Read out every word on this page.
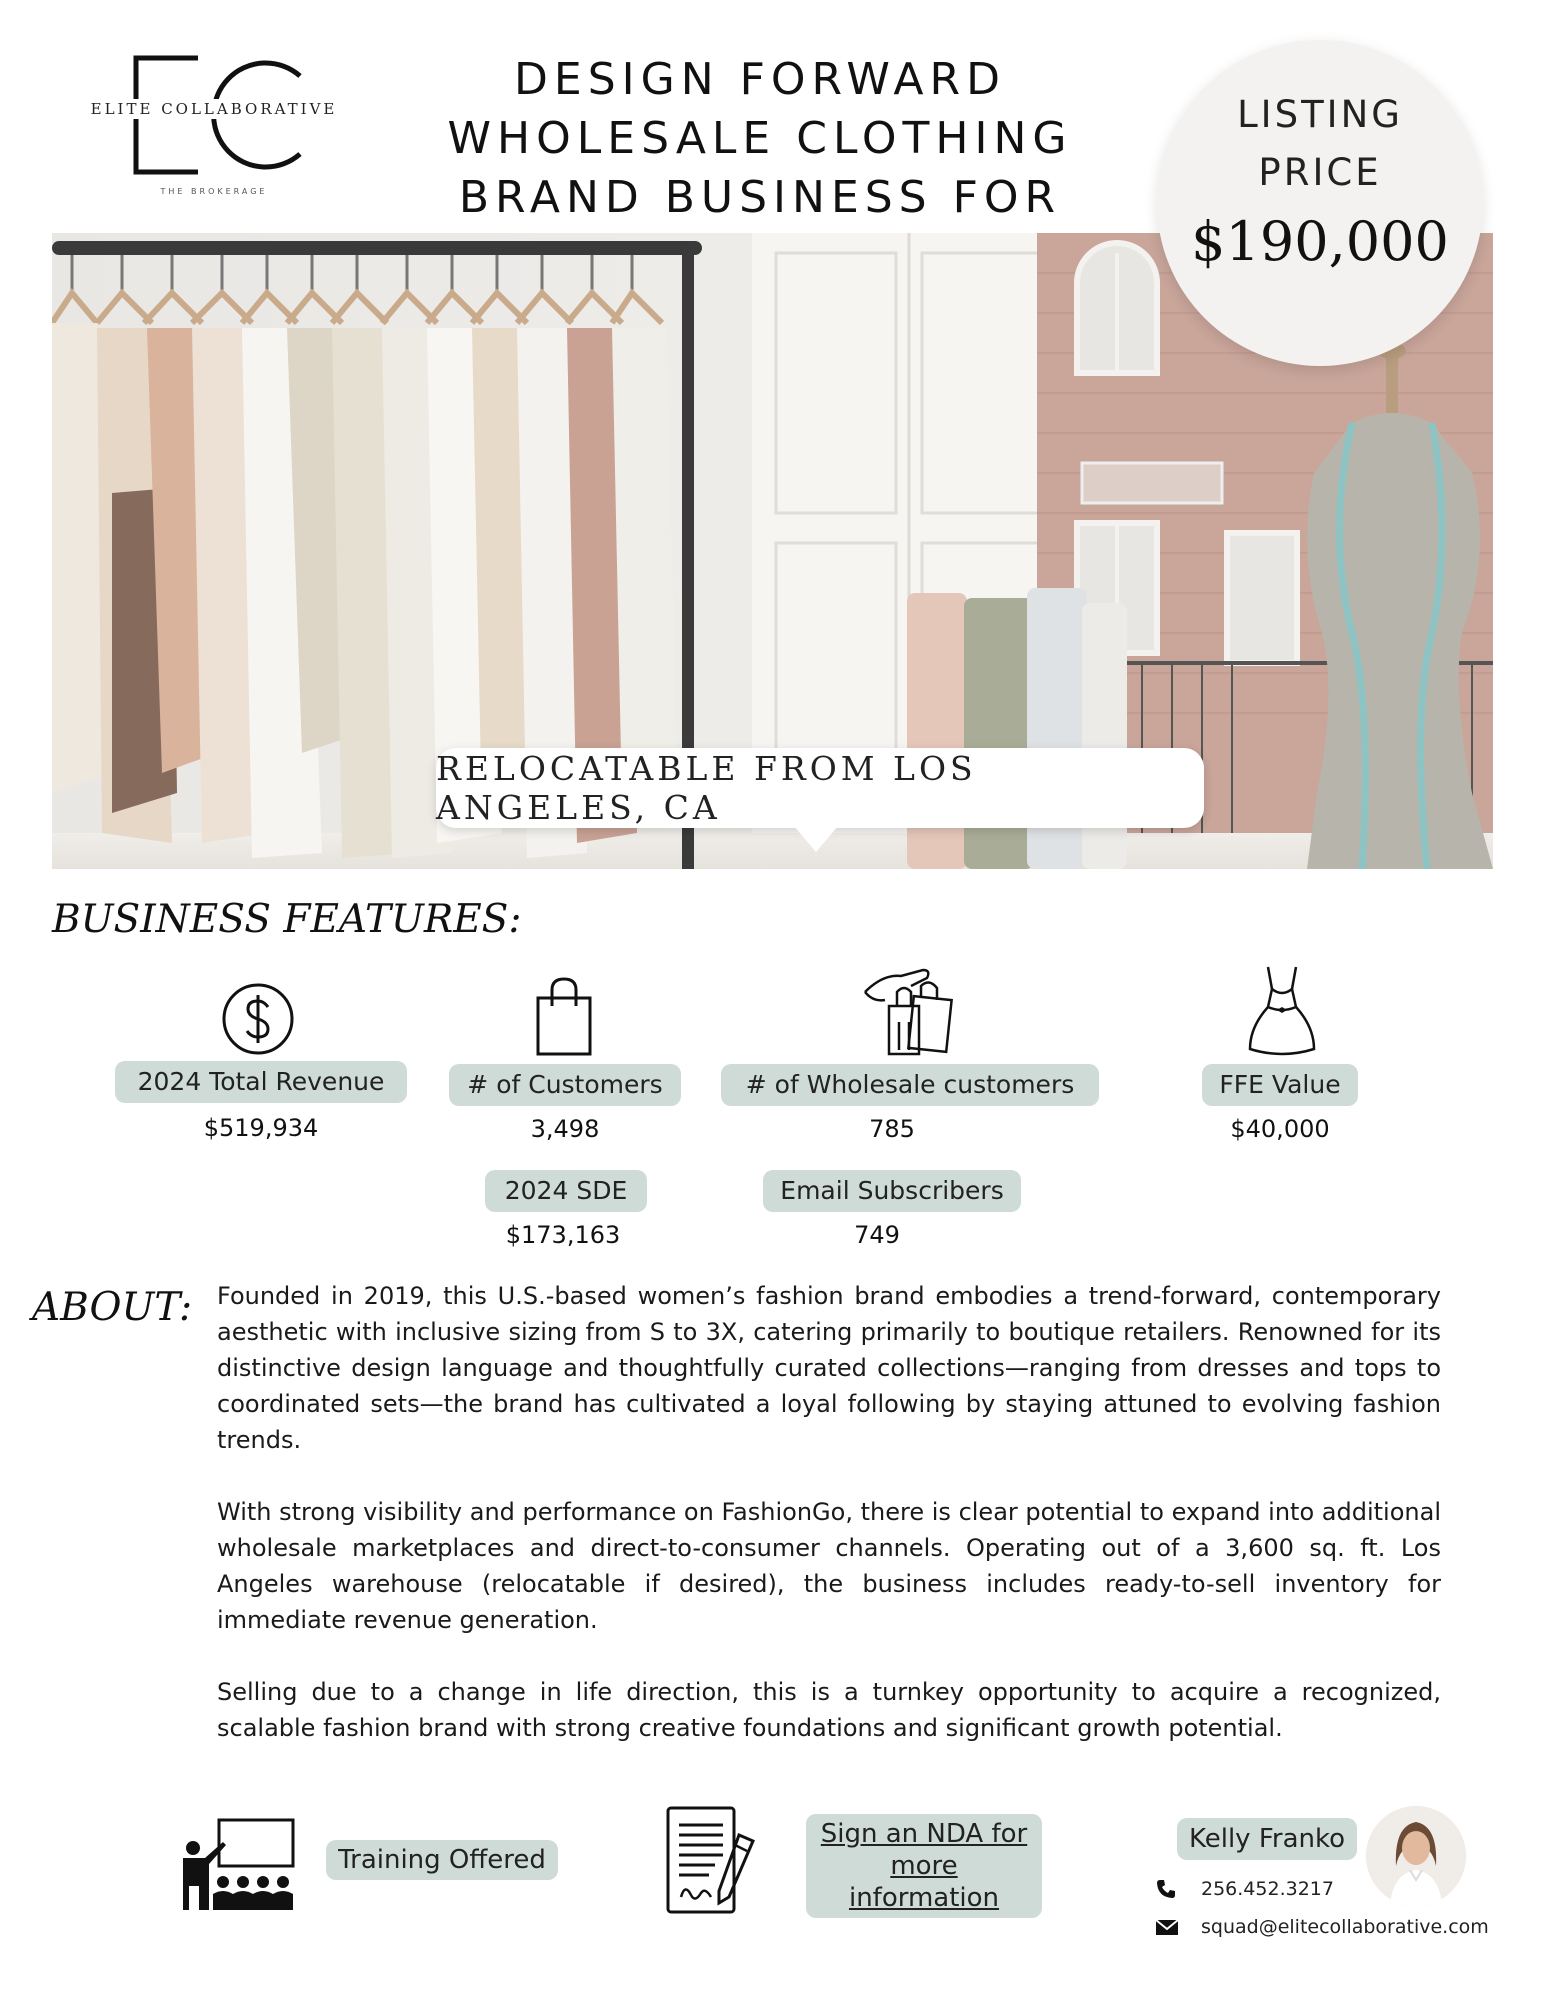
ELITE COLLABORATIVE
THE BROKERAGE
DESIGN FORWARD
WHOLESALE CLOTHING
BRAND BUSINESS FOR
RELOCATABLE FROM LOS ANGELES, CA
LISTING
PRICE
$190,000
BUSINESS FEATURES:
2024 Total Revenue
$519,934
# of Customers
3,498
# of Wholesale customers
785
FFE Value
$40,000
2024 SDE
$173,163
Email Subscribers
749
ABOUT: Founded in 2019, this U.S.-based women’s fashion brand embodies a trend-forward, contemporary aesthetic with inclusive sizing from S to 3X, catering primarily to boutique retailers. Renowned for its distinctive design language and thoughtfully curated collections—ranging from dresses and tops to coordinated sets—the brand has cultivated a loyal following by staying attuned to evolving fashion trends.

With strong visibility and performance on FashionGo, there is clear potential to expand into additional wholesale marketplaces and direct-to-consumer channels. Operating out of a 3,600 sq. ft. Los Angeles warehouse (relocatable if desired), the business includes ready-to-sell inventory for immediate revenue generation.

Selling due to a change in life direction, this is a turnkey opportunity to acquire a recognized, scalable fashion brand with strong creative foundations and significant growth potential.

Training Offered
Sign an NDA for
more information
Kelly Franko
256.452.3217
squad@elitecollaborative.com
